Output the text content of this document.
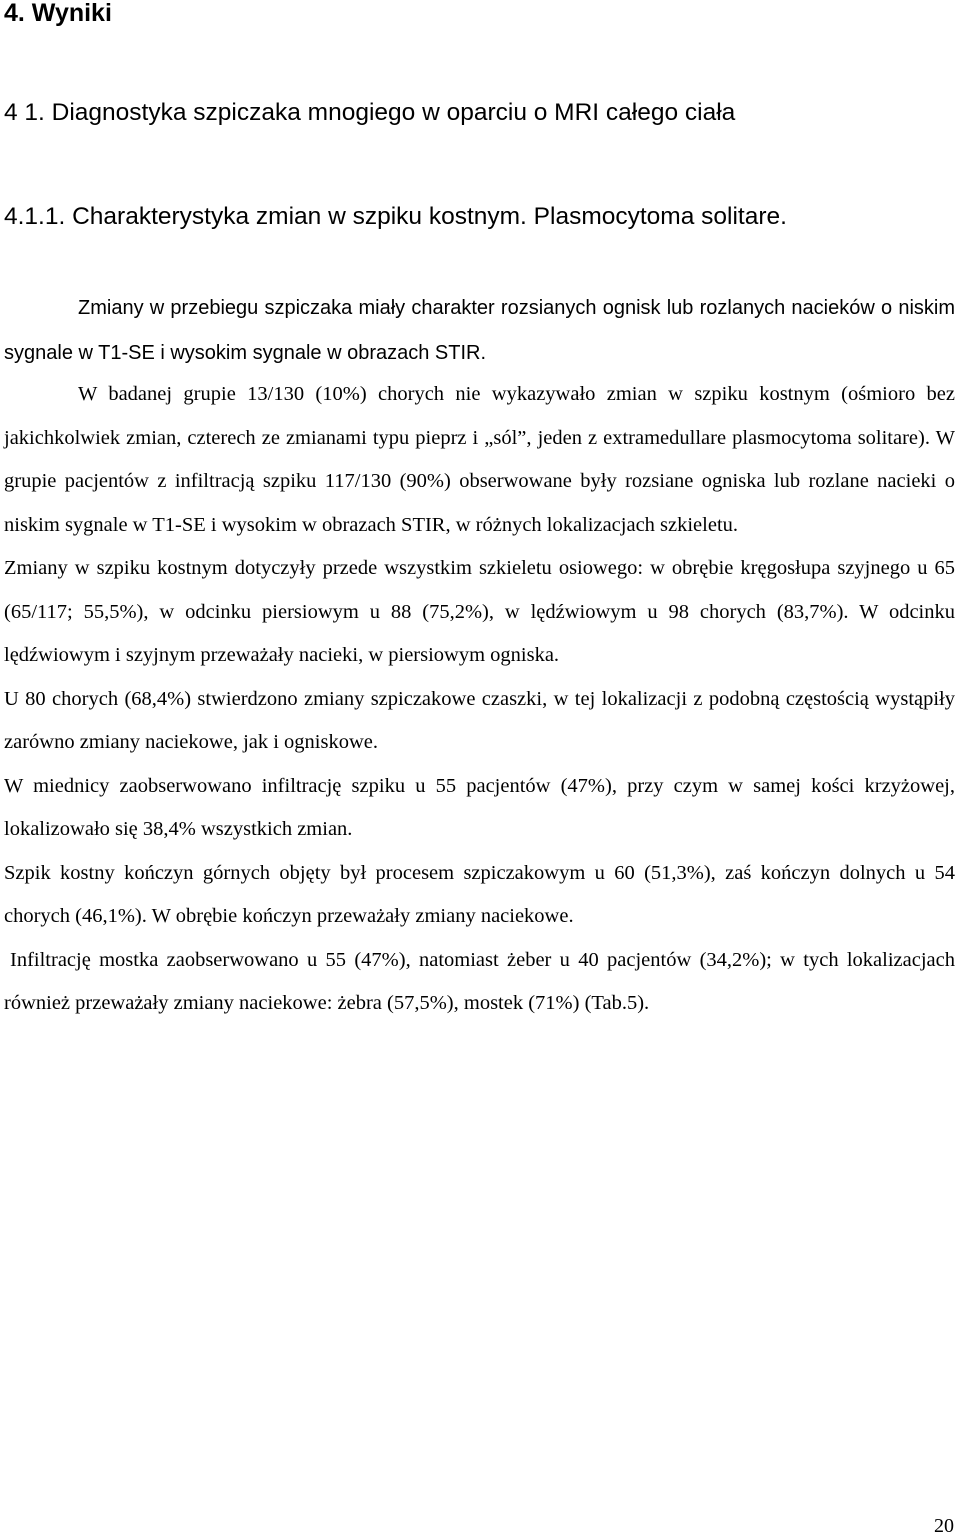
4. Wyniki
4 1. Diagnostyka szpiczaka mnogiego w oparciu o MRI całego ciała
4.1.1. Charakterystyka zmian w szpiku kostnym. Plasmocytoma solitare.

Zmiany w przebiegu szpiczaka miały charakter rozsianych ognisk lub rozlanych nacieków o niskim sygnale w T1-SE i wysokim sygnale w obrazach STIR.

W badanej grupie 13/130 (10%) chorych nie wykazywało zmian w szpiku kostnym (ośmioro bez jakichkolwiek zmian, czterech ze zmianami typu pieprz i „sól”, jeden z extramedullare plasmocytoma solitare). W grupie pacjentów z infiltracją szpiku 117/130 (90%) obserwowane były rozsiane ogniska lub rozlane nacieki o niskim sygnale w T1-SE i wysokim w obrazach STIR, w różnych lokalizacjach szkieletu.

Zmiany w szpiku kostnym dotyczyły przede wszystkim szkieletu osiowego: w obrębie kręgosłupa szyjnego u 65 (65/117; 55,5%), w odcinku piersiowym u 88 (75,2%), w lędźwiowym u 98 chorych (83,7%). W odcinku lędźwiowym i szyjnym przeważały nacieki, w piersiowym ogniska.

U 80 chorych (68,4%) stwierdzono zmiany szpiczakowe czaszki, w tej lokalizacji z podobną częstością wystąpiły zarówno zmiany naciekowe, jak i ogniskowe.

W miednicy zaobserwowano infiltrację szpiku u 55 pacjentów (47%), przy czym w samej kości krzyżowej, lokalizowało się 38,4% wszystkich zmian.

Szpik kostny kończyn górnych objęty był procesem szpiczakowym u 60 (51,3%), zaś kończyn dolnych u 54 chorych (46,1%). W obrębie kończyn przeważały zmiany naciekowe.

Infiltrację mostka zaobserwowano u 55 (47%), natomiast żeber u 40 pacjentów (34,2%); w tych lokalizacjach również przeważały zmiany naciekowe: żebra (57,5%), mostek (71%) (Tab.5).

20
